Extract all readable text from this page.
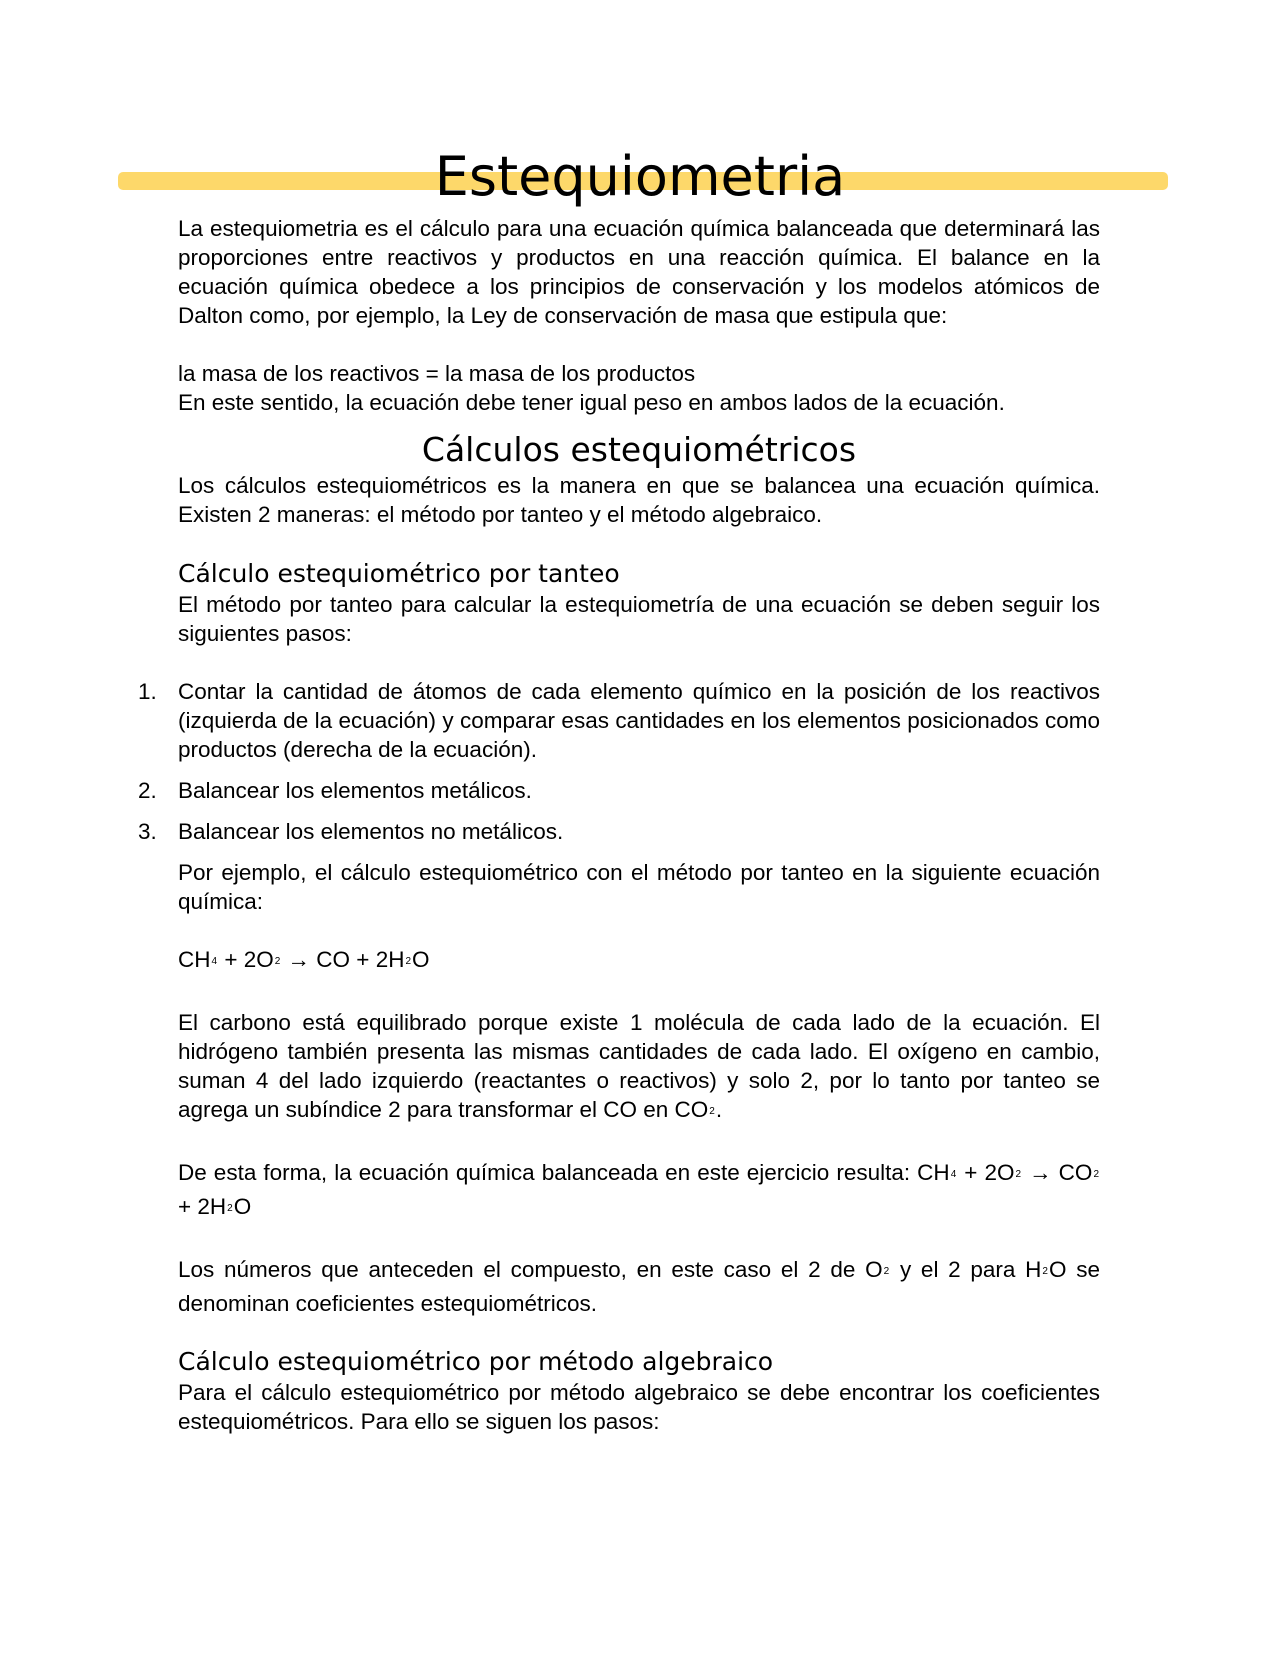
Estequiometria

La estequiometria es el cálculo para una ecuación química balanceada que determinará las proporciones entre reactivos y productos en una reacción química. El balance en la ecuación química obedece a los principios de conservación y los modelos atómicos de Dalton como, por ejemplo, la Ley de conservación de masa que estipula que:

la masa de los reactivos = la masa de los productos

En este sentido, la ecuación debe tener igual peso en ambos lados de la ecuación.

Cálculos estequiométricos

Los cálculos estequiométricos es la manera en que se balancea una ecuación química. Existen 2 maneras: el método por tanteo y el método algebraico.

Cálculo estequiométrico por tanteo

El método por tanteo para calcular la estequiometría de una ecuación se deben seguir los siguientes pasos:

1. Contar la cantidad de átomos de cada elemento químico en la posición de los reactivos (izquierda de la ecuación) y comparar esas cantidades en los elementos posicionados como productos (derecha de la ecuación).
2. Balancear los elementos metálicos.
3. Balancear los elementos no metálicos.

Por ejemplo, el cálculo estequiométrico con el método por tanteo en la siguiente ecuación química:

$CH_4 + 2O_2$ → CO + $2H_2O$

El carbono está equilibrado porque existe 1 molécula de cada lado de la ecuación. El hidrógeno también presenta las mismas cantidades de cada lado. El oxígeno en cambio, suman 4 del lado izquierdo (reactantes o reactivos) y solo 2, por lo tanto por tanteo se agrega un subíndice 2 para transformar el CO en $CO_2$.

De esta forma, la ecuación química balanceada en este ejercicio resulta: $CH_4 + 2O_2 \to CO_2 + 2H_2O$

Los números que anteceden el compuesto, en este caso el 2 de $O_2$ y el 2 para $H_2O$ se denominan coeficientes estequiométricos.

Cálculo estequiométrico por método algebraico

Para el cálculo estequiométrico por método algebraico se debe encontrar los coeficientes estequiométricos. Para ello se siguen los pasos:
